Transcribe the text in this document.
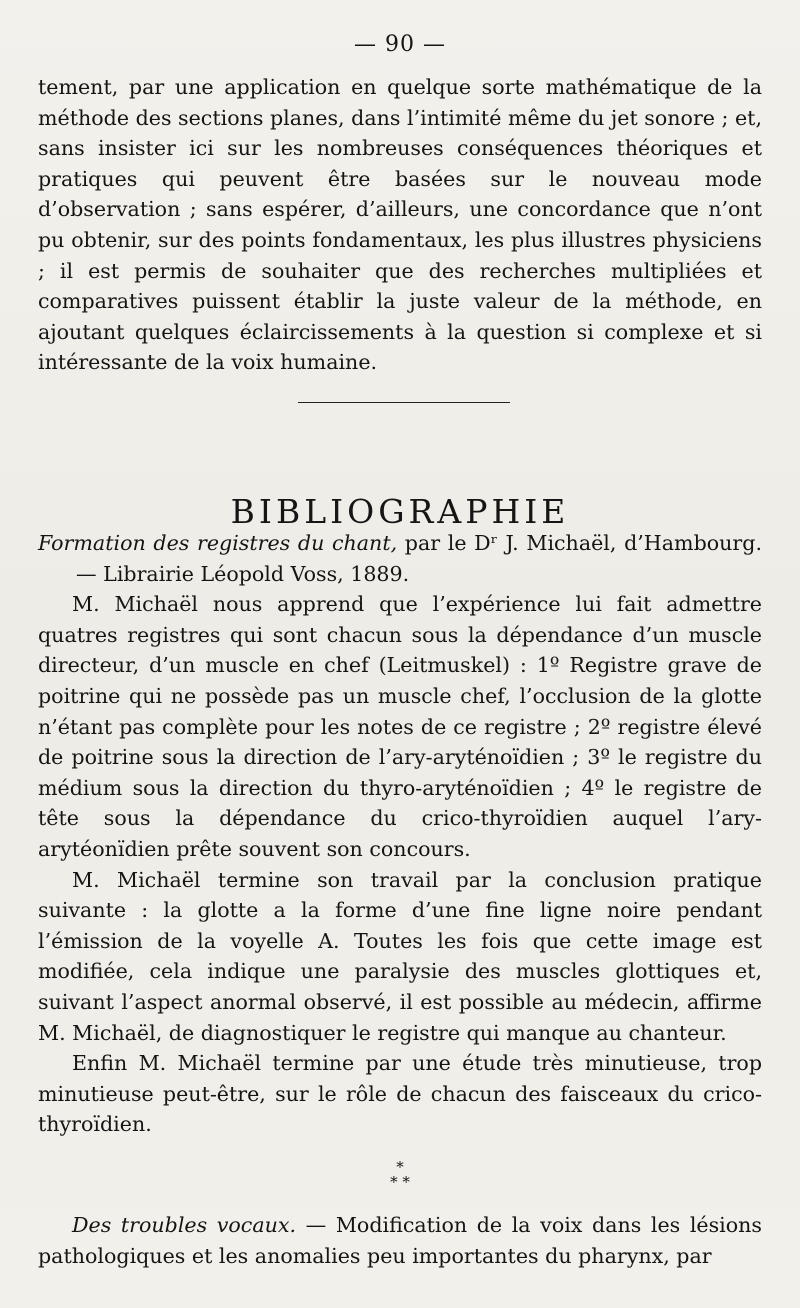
— 90 —

tement, par une application en quelque sorte mathématique de la méthode des sections planes, dans l’intimité même du jet sonore ; et, sans insister ici sur les nombreuses conséquences théoriques et pratiques qui peuvent être basées sur le nouveau mode d’observation ; sans espérer, d’ailleurs, une concordance que n’ont pu obtenir, sur des points fondamentaux, les plus illustres physiciens ; il est permis de souhaiter que des recherches multipliées et comparatives puissent établir la juste valeur de la méthode, en ajoutant quelques éclaircissements à la question si complexe et si intéressante de la voix humaine.

BIBLIOGRAPHIE

Formation des registres du chant, par le Dʳ J. Michaël, d’Hambourg. — Librairie Léopold Voss, 1889.

M. Michaël nous apprend que l’expérience lui fait admettre quatres registres qui sont chacun sous la dépendance d’un muscle directeur, d’un muscle en chef (Leitmuskel) : 1º Registre grave de poitrine qui ne possède pas un muscle chef, l’occlusion de la glotte n’étant pas complète pour les notes de ce registre ; 2º registre élevé de poitrine sous la direction de l’ary-aryténoïdien ; 3º le registre du médium sous la direction du thyro-aryténoïdien ; 4º le registre de tête sous la dépendance du crico-thyroïdien auquel l’ary-arytéonïdien prête souvent son concours.

M. Michaël termine son travail par la conclusion pratique suivante : la glotte a la forme d’une fine ligne noire pendant l’émission de la voyelle A. Toutes les fois que cette image est modifiée, cela indique une paralysie des muscles glottiques et, suivant l’aspect anormal observé, il est possible au médecin, affirme M. Michaël, de diagnostiquer le registre qui manque au chanteur.

Enfin M. Michaël termine par une étude très minutieuse, trop minutieuse peut-être, sur le rôle de chacun des faisceaux du crico-thyroïdien.

*
* *

Des troubles vocaux. — Modification de la voix dans les lésions pathologiques et les anomalies peu importantes du pharynx, par
